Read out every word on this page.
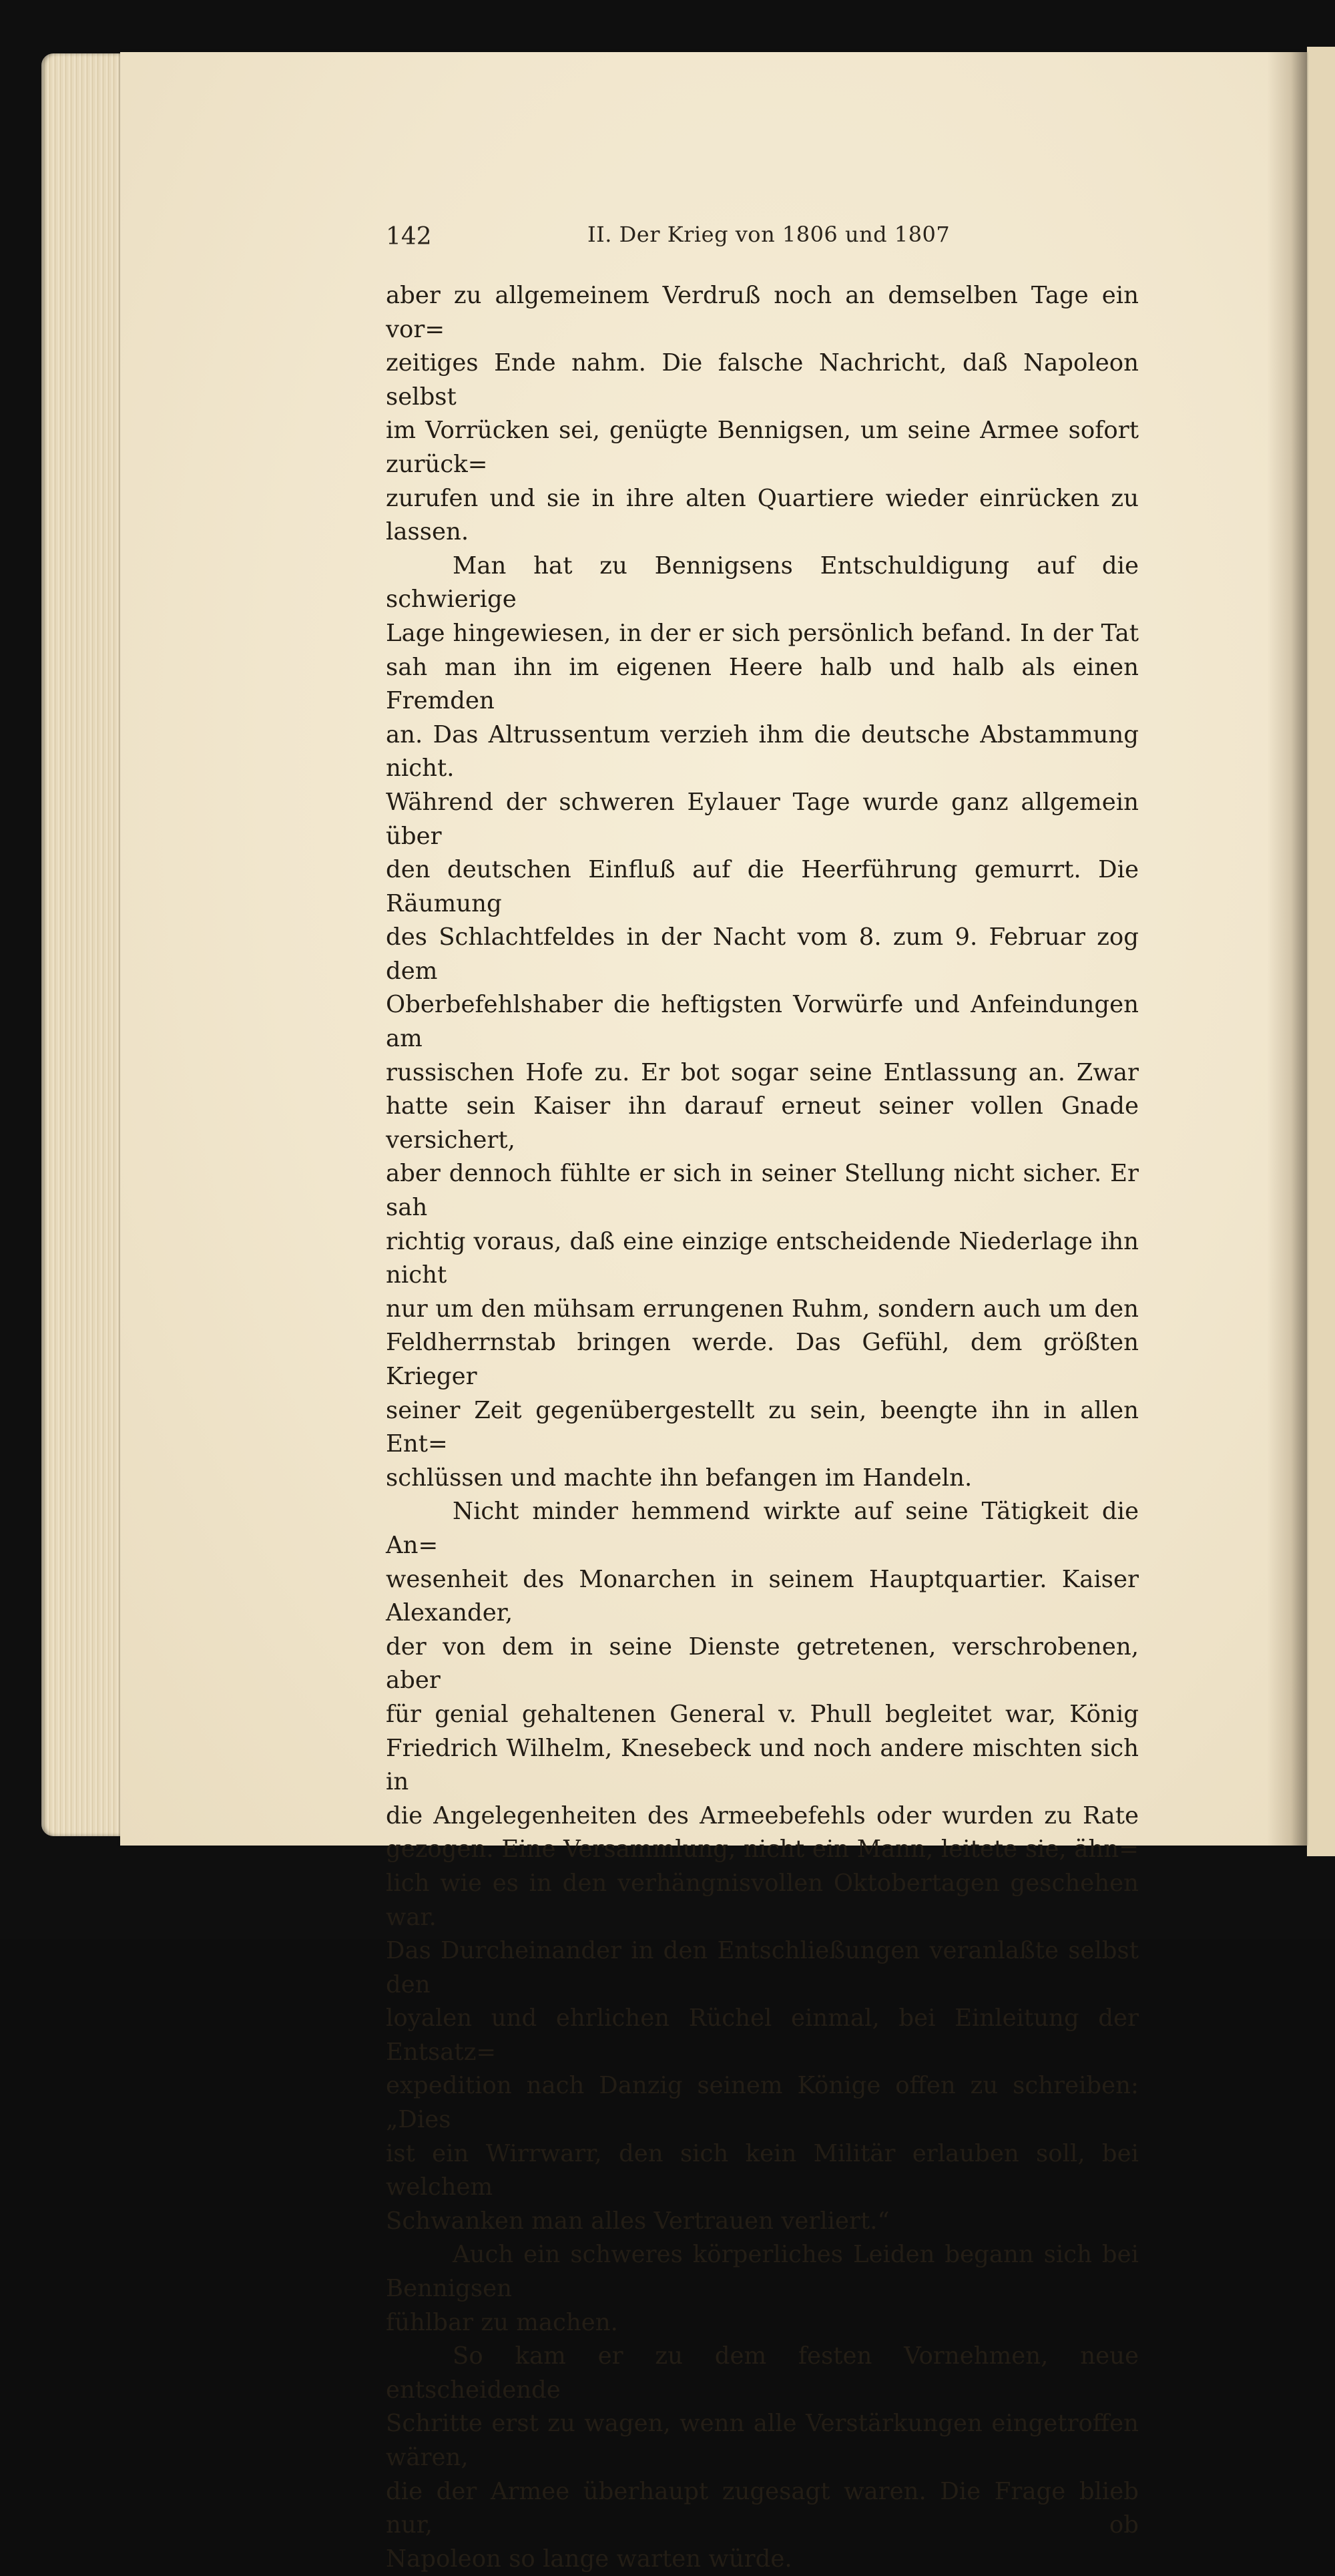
142	II. Der Krieg von 1806 und 1807

aber zu allgemeinem Verdruß noch an demselben Tage ein vor=
zeitiges Ende nahm. Die falsche Nachricht, daß Napoleon selbst
im Vorrücken sei, genügte Bennigsen, um seine Armee sofort zurück=
zurufen und sie in ihre alten Quartiere wieder einrücken zu lassen.

Man hat zu Bennigsens Entschuldigung auf die schwierige
Lage hingewiesen, in der er sich persönlich befand. In der Tat
sah man ihn im eigenen Heere halb und halb als einen Fremden
an. Das Altrussentum verzieh ihm die deutsche Abstammung nicht.
Während der schweren Eylauer Tage wurde ganz allgemein über
den deutschen Einfluß auf die Heerführung gemurrt. Die Räumung
des Schlachtfeldes in der Nacht vom 8. zum 9. Februar zog dem
Oberbefehlshaber die heftigsten Vorwürfe und Anfeindungen am
russischen Hofe zu. Er bot sogar seine Entlassung an. Zwar
hatte sein Kaiser ihn darauf erneut seiner vollen Gnade versichert,
aber dennoch fühlte er sich in seiner Stellung nicht sicher. Er sah
richtig voraus, daß eine einzige entscheidende Niederlage ihn nicht
nur um den mühsam errungenen Ruhm, sondern auch um den
Feldherrnstab bringen werde. Das Gefühl, dem größten Krieger
seiner Zeit gegenübergestellt zu sein, beengte ihn in allen Ent=
schlüssen und machte ihn befangen im Handeln.

Nicht minder hemmend wirkte auf seine Tätigkeit die An=
wesenheit des Monarchen in seinem Hauptquartier. Kaiser Alexander,
der von dem in seine Dienste getretenen, verschrobenen, aber
für genial gehaltenen General v. Phull begleitet war, König
Friedrich Wilhelm, Knesebeck und noch andere mischten sich in
die Angelegenheiten des Armeebefehls oder wurden zu Rate
gezogen. Eine Versammlung, nicht ein Mann, leitete sie, ähn=
lich wie es in den verhängnisvollen Oktobertagen geschehen war.
Das Durcheinander in den Entschließungen veranlaßte selbst den
loyalen und ehrlichen Rüchel einmal, bei Einleitung der Entsatz=
expedition nach Danzig seinem Könige offen zu schreiben: „Dies
ist ein Wirrwarr, den sich kein Militär erlauben soll, bei welchem
Schwanken man alles Vertrauen verliert.“

Auch ein schweres körperliches Leiden begann sich bei Bennigsen
fühlbar zu machen.

So kam er zu dem festen Vornehmen, neue entscheidende
Schritte erst zu wagen, wenn alle Verstärkungen eingetroffen wären,
die der Armee überhaupt zugesagt waren. Die Frage blieb nur, ob
Napoleon so lange warten würde.
